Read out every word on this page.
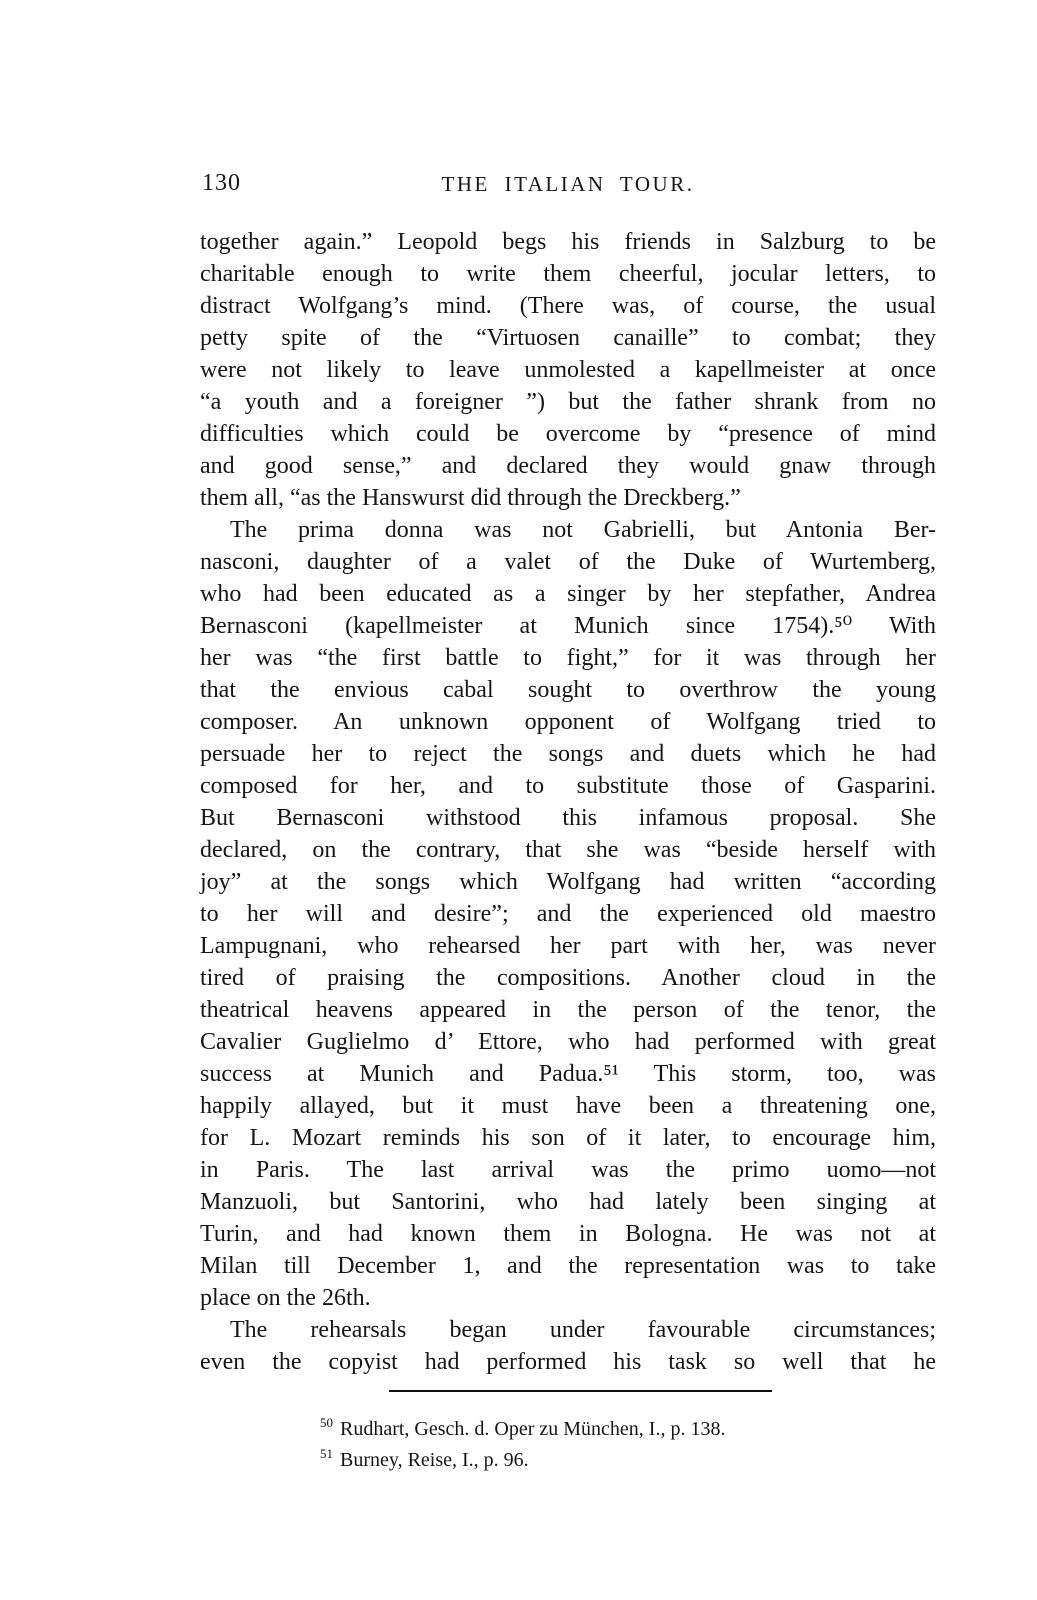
130	THE ITALIAN TOUR.
together again.” Leopold begs his friends in Salzburg to be
charitable enough to write them cheerful, jocular letters, to
distract Wolfgang’s mind. (There was, of course, the usual
petty spite of the “Virtuosen canaille” to combat; they
were not likely to leave unmolested a kapellmeister at once
“a youth and a foreigner ”) but the father shrank from no
difficulties which could be overcome by “presence of mind
and good sense,” and declared they would gnaw through
them all, “as the Hanswurst did through the Dreckberg.”
The prima donna was not Gabrielli, but Antonia Ber-
nasconi, daughter of a valet of the Duke of Wurtemberg,
who had been educated as a singer by her stepfather, Andrea
Bernasconi (kapellmeister at Munich since 1754).⁵⁰ With
her was “the first battle to fight,” for it was through her
that the envious cabal sought to overthrow the young
composer. An unknown opponent of Wolfgang tried to
persuade her to reject the songs and duets which he had
composed for her, and to substitute those of Gasparini.
But Bernasconi withstood this infamous proposal. She
declared, on the contrary, that she was “beside herself with
joy” at the songs which Wolfgang had written “according
to her will and desire”; and the experienced old maestro
Lampugnani, who rehearsed her part with her, was never
tired of praising the compositions. Another cloud in the
theatrical heavens appeared in the person of the tenor, the
Cavalier Guglielmo d’ Ettore, who had performed with great
success at Munich and Padua.⁵¹ This storm, too, was
happily allayed, but it must have been a threatening one,
for L. Mozart reminds his son of it later, to encourage him,
in Paris. The last arrival was the primo uomo—not
Manzuoli, but Santorini, who had lately been singing at
Turin, and had known them in Bologna. He was not at
Milan till December 1, and the representation was to take
place on the 26th.
The rehearsals began under favourable circumstances;
even the copyist had performed his task so well that he
$^{50}$ Rudhart, Gesch. d. Oper zu München, I., p. 138.
$^{51}$ Burney, Reise, I., p. 96.
